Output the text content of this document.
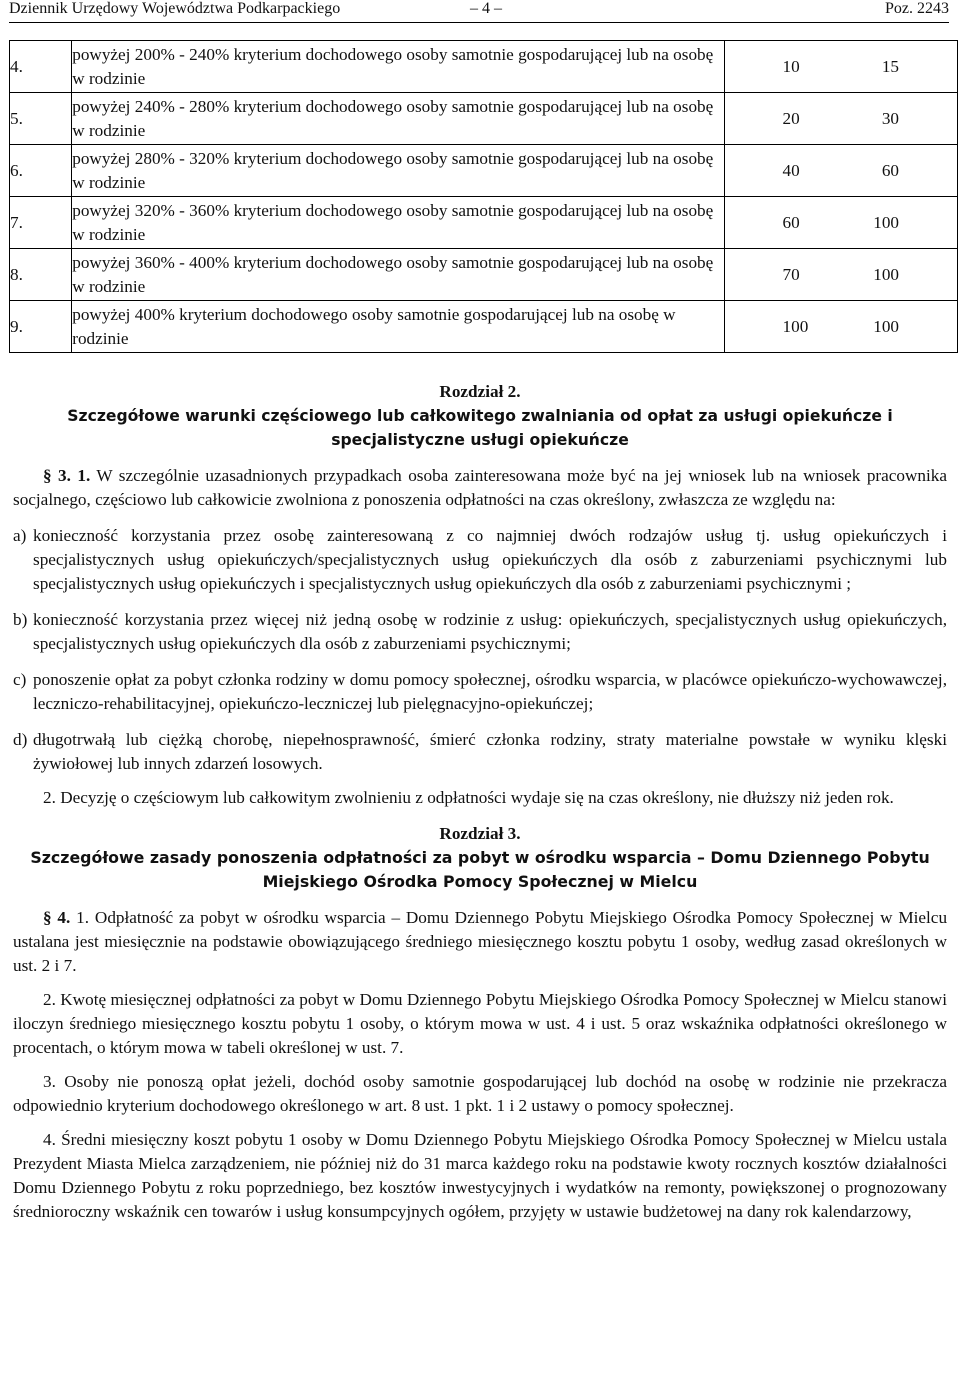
Dziennik Urzędowy Województwa Podkarpackiego	– 4 –	Poz. 2243
4.	powyżej 200% - 240% kryterium dochodowego osoby samotnie gospodarującej lub na osobę w rodzinie	10 15

5.	powyżej 240% - 280% kryterium dochodowego osoby samotnie gospodarującej lub na osobę w rodzinie	20 30

6.	powyżej 280% - 320% kryterium dochodowego osoby samotnie gospodarującej lub na osobę w rodzinie	40 60

7.	powyżej 320% - 360% kryterium dochodowego osoby samotnie gospodarującej lub na osobę w rodzinie	60 100

8.	powyżej 360% - 400% kryterium dochodowego osoby samotnie gospodarującej lub na osobę w rodzinie	70 100

9.	powyżej 400% kryterium dochodowego osoby samotnie gospodarującej lub na osobę w rodzinie	100 100
Rozdział 2.
Szczegółowe warunki częściowego lub całkowitego zwalniania od opłat za usługi opiekuńcze i specjalistyczne usługi opiekuńcze

§ 3. 1. W szczególnie uzasadnionych przypadkach osoba zainteresowana może być na jej wniosek lub na wniosek pracownika socjalnego, częściowo lub całkowicie zwolniona z ponoszenia odpłatności na czas określony, zwłaszcza ze względu na:

a) konieczność korzystania przez osobę zainteresowaną z co najmniej dwóch rodzajów usług tj. usług opiekuńczych i specjalistycznych usług opiekuńczych/specjalistycznych usług opiekuńczych dla osób z zaburzeniami psychicznymi lub specjalistycznych usług opiekuńczych i specjalistycznych usług opiekuńczych dla osób z zaburzeniami psychicznymi ;
b) konieczność korzystania przez więcej niż jedną osobę w rodzinie z usług: opiekuńczych, specjalistycznych usług opiekuńczych, specjalistycznych usług opiekuńczych dla osób z zaburzeniami psychicznymi;
c) ponoszenie opłat za pobyt członka rodziny w domu pomocy społecznej, ośrodku wsparcia, w placówce opiekuńczo-wychowawczej, leczniczo-rehabilitacyjnej, opiekuńczo-leczniczej lub pielęgnacyjno-opiekuńczej;
d) długotrwałą lub ciężką chorobę, niepełnosprawność, śmierć członka rodziny, straty materialne powstałe w wyniku klęski żywiołowej lub innych zdarzeń losowych.

2. Decyzję o częściowym lub całkowitym zwolnieniu z odpłatności wydaje się na czas określony, nie dłuższy niż jeden rok.

Rozdział 3.
Szczegółowe zasady ponoszenia odpłatności za pobyt w ośrodku wsparcia – Domu Dziennego Pobytu Miejskiego Ośrodka Pomocy Społecznej w Mielcu

§ 4. 1. Odpłatność za pobyt w ośrodku wsparcia – Domu Dziennego Pobytu Miejskiego Ośrodka Pomocy Społecznej w Mielcu ustalana jest miesięcznie na podstawie obowiązującego średniego miesięcznego kosztu pobytu 1 osoby, według zasad określonych w ust. 2 i 7.

2. Kwotę miesięcznej odpłatności za pobyt w Domu Dziennego Pobytu Miejskiego Ośrodka Pomocy Społecznej w Mielcu stanowi iloczyn średniego miesięcznego kosztu pobytu 1 osoby, o którym mowa w ust. 4 i ust. 5 oraz wskaźnika odpłatności określonego w procentach, o którym mowa w tabeli określonej w ust. 7.

3. Osoby nie ponoszą opłat jeżeli, dochód osoby samotnie gospodarującej lub dochód na osobę w rodzinie nie przekracza odpowiednio kryterium dochodowego określonego w art. 8 ust. 1 pkt. 1 i 2 ustawy o pomocy społecznej.

4. Średni miesięczny koszt pobytu 1 osoby w Domu Dziennego Pobytu Miejskiego Ośrodka Pomocy Społecznej w Mielcu ustala Prezydent Miasta Mielca zarządzeniem, nie później niż do 31 marca każdego roku na podstawie kwoty rocznych kosztów działalności Domu Dziennego Pobytu z roku poprzedniego, bez kosztów inwestycyjnych i wydatków na remonty, powiększonej o prognozowany średnioroczny wskaźnik cen towarów i usług konsumpcyjnych ogółem, przyjęty w ustawie budżetowej na dany rok kalendarzowy,
